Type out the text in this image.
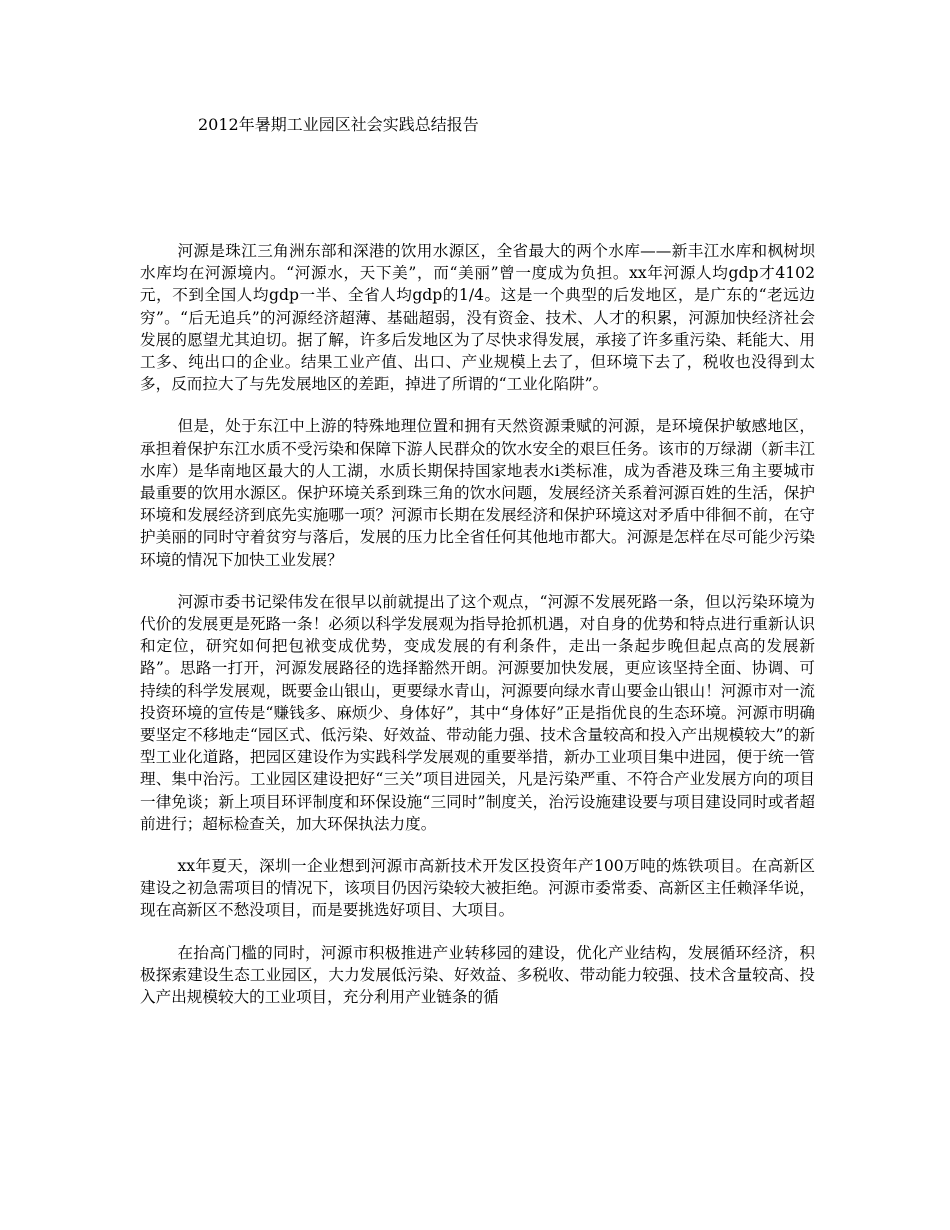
2012年暑期工业园区社会实践总结报告

河源是珠江三角洲东部和深港的饮用水源区，全省最大的两个水库——新丰江水库和枫树坝水库均在河源境内。“河源水，天下美”，而“美丽”曾一度成为负担。xx年河源人均gdp才4102元，不到全国人均gdp一半、全省人均gdp的1/4。这是一个典型的后发地区，是广东的“老远边穷”。“后无追兵”的河源经济超薄、基础超弱，没有资金、技术、人才的积累，河源加快经济社会发展的愿望尤其迫切。据了解，许多后发地区为了尽快求得发展，承接了许多重污染、耗能大、用工多、纯出口的企业。结果工业产值、出口、产业规模上去了，但环境下去了，税收也没得到太多，反而拉大了与先发展地区的差距，掉进了所谓的“工业化陷阱”。

但是，处于东江中上游的特殊地理位置和拥有天然资源秉赋的河源，是环境保护敏感地区，承担着保护东江水质不受污染和保障下游人民群众的饮水安全的艰巨任务。该市的万绿湖（新丰江水库）是华南地区最大的人工湖，水质长期保持国家地表水i类标准，成为香港及珠三角主要城市最重要的饮用水源区。保护环境关系到珠三角的饮水问题，发展经济关系着河源百姓的生活，保护环境和发展经济到底先实施哪一项？河源市长期在发展经济和保护环境这对矛盾中徘徊不前，在守护美丽的同时守着贫穷与落后，发展的压力比全省任何其他地市都大。河源是怎样在尽可能少污染环境的情况下加快工业发展？

河源市委书记梁伟发在很早以前就提出了这个观点，“河源不发展死路一条，但以污染环境为代价的发展更是死路一条！必须以科学发展观为指导抢抓机遇，对自身的优势和特点进行重新认识和定位，研究如何把包袱变成优势，变成发展的有利条件，走出一条起步晚但起点高的发展新路”。思路一打开，河源发展路径的选择豁然开朗。河源要加快发展，更应该坚持全面、协调、可持续的科学发展观，既要金山银山，更要绿水青山，河源要向绿水青山要金山银山！河源市对一流投资环境的宣传是“赚钱多、麻烦少、身体好”，其中“身体好”正是指优良的生态环境。河源市明确要坚定不移地走“园区式、低污染、好效益、带动能力强、技术含量较高和投入产出规模较大”的新型工业化道路，把园区建设作为实践科学发展观的重要举措，新办工业项目集中进园，便于统一管理、集中治污。工业园区建设把好“三关”项目进园关，凡是污染严重、不符合产业发展方向的项目一律免谈；新上项目环评制度和环保设施“三同时”制度关，治污设施建设要与项目建设同时或者超前进行；超标检查关，加大环保执法力度。

xx年夏天，深圳一企业想到河源市高新技术开发区投资年产100万吨的炼铁项目。在高新区建设之初急需项目的情况下，该项目仍因污染较大被拒绝。河源市委常委、高新区主任赖泽华说，现在高新区不愁没项目，而是要挑选好项目、大项目。

在抬高门槛的同时，河源市积极推进产业转移园的建设，优化产业结构，发展循环经济，积极探索建设生态工业园区，大力发展低污染、好效益、多税收、带动能力较强、技术含量较高、投入产出规模较大的工业项目，充分利用产业链条的循
